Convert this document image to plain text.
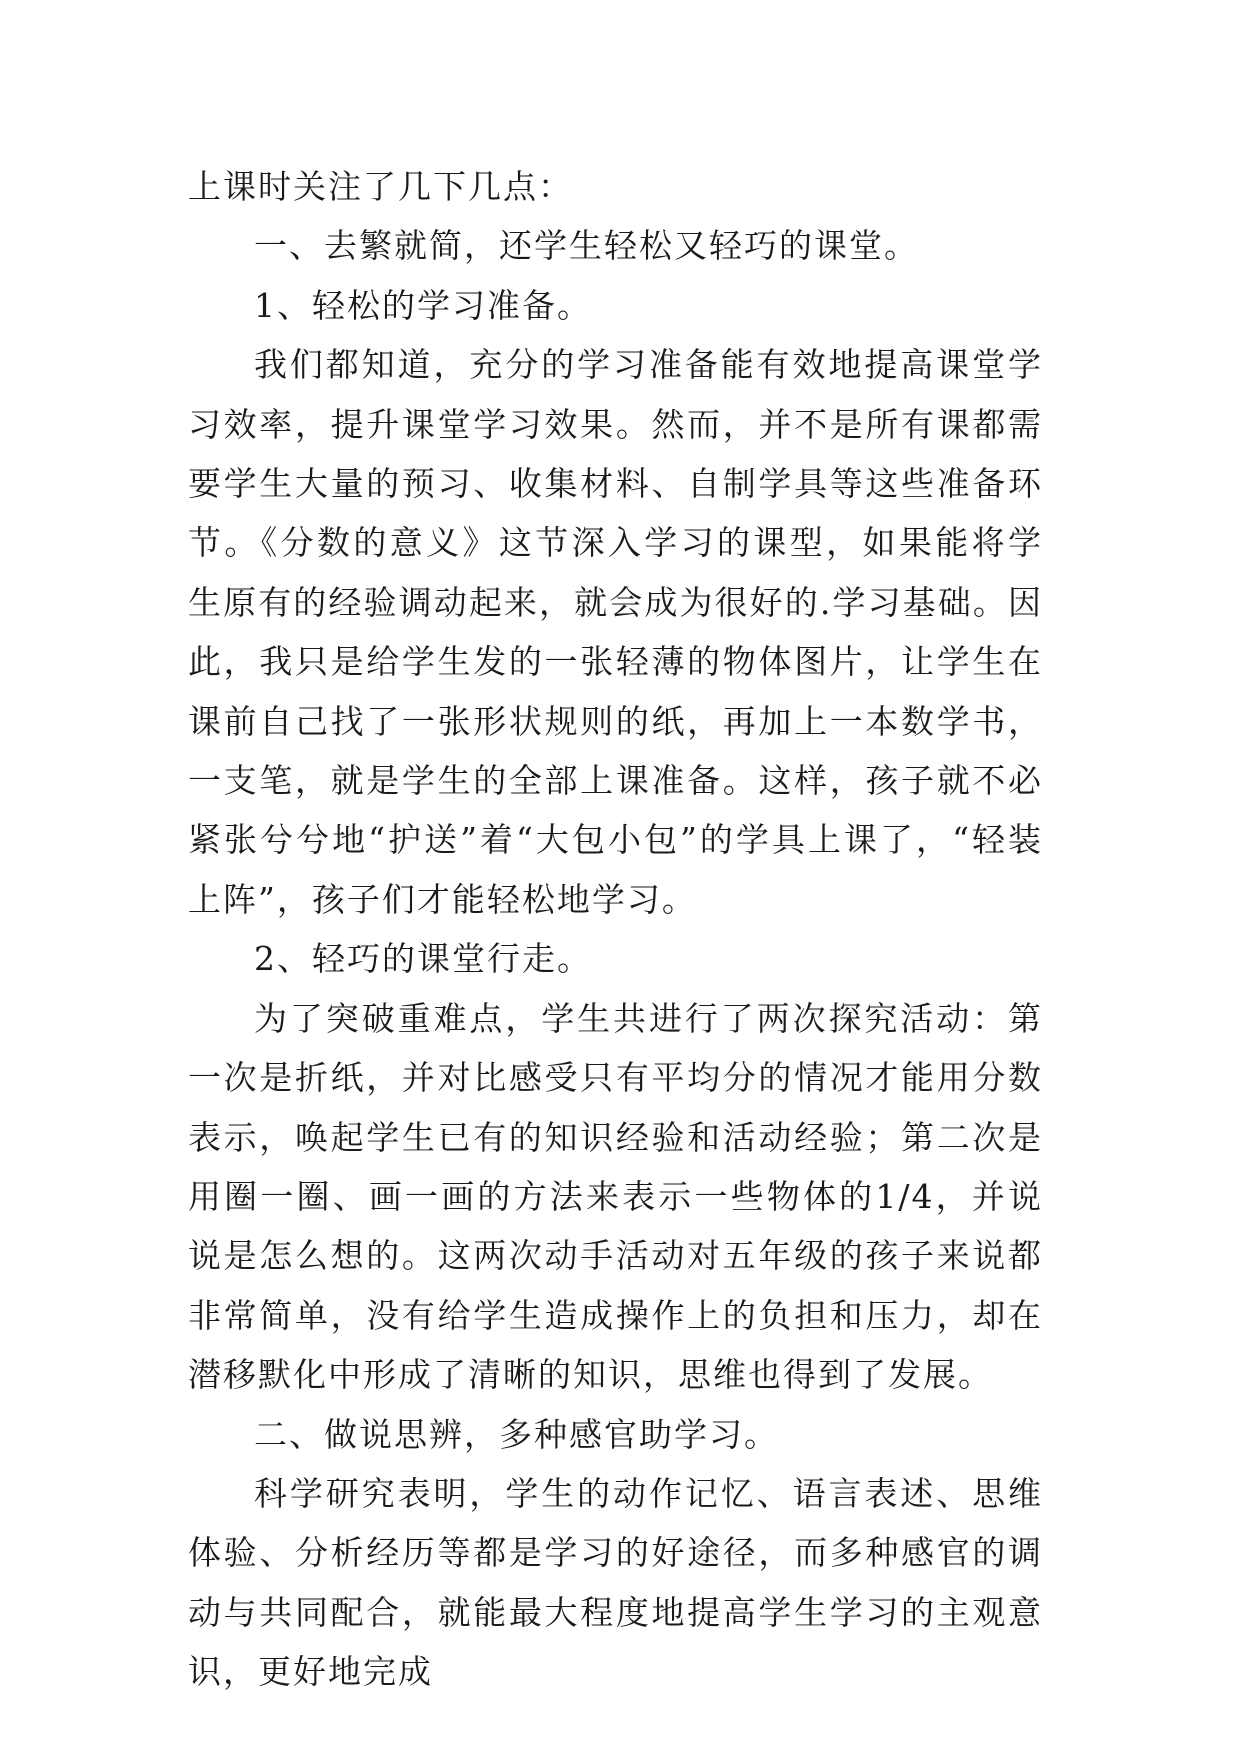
上课时关注了几下几点：

一、去繁就简，还学生轻松又轻巧的课堂。

1、轻松的学习准备。

我们都知道，充分的学习准备能有效地提高课堂学习效率，提升课堂学习效果。然而，并不是所有课都需要学生大量的预习、收集材料、自制学具等这些准备环节。《分数的意义》这节深入学习的课型，如果能将学生原有的经验调动起来，就会成为很好的.学习基础。因此，我只是给学生发的一张轻薄的物体图片，让学生在课前自己找了一张形状规则的纸，再加上一本数学书，一支笔，就是学生的全部上课准备。这样，孩子就不必紧张兮兮地“护送”着“大包小包”的学具上课了，“轻装上阵”，孩子们才能轻松地学习。

2、轻巧的课堂行走。

为了突破重难点，学生共进行了两次探究活动：第一次是折纸，并对比感受只有平均分的情况才能用分数表示，唤起学生已有的知识经验和活动经验；第二次是用圈一圈、画一画的方法来表示一些物体的1/4，并说说是怎么想的。这两次动手活动对五年级的孩子来说都非常简单，没有给学生造成操作上的负担和压力，却在潜移默化中形成了清晰的知识，思维也得到了发展。

二、做说思辨，多种感官助学习。

科学研究表明，学生的动作记忆、语言表述、思维体验、分析经历等都是学习的好途径，而多种感官的调动与共同配合，就能最大程度地提高学生学习的主观意识，更好地完成
